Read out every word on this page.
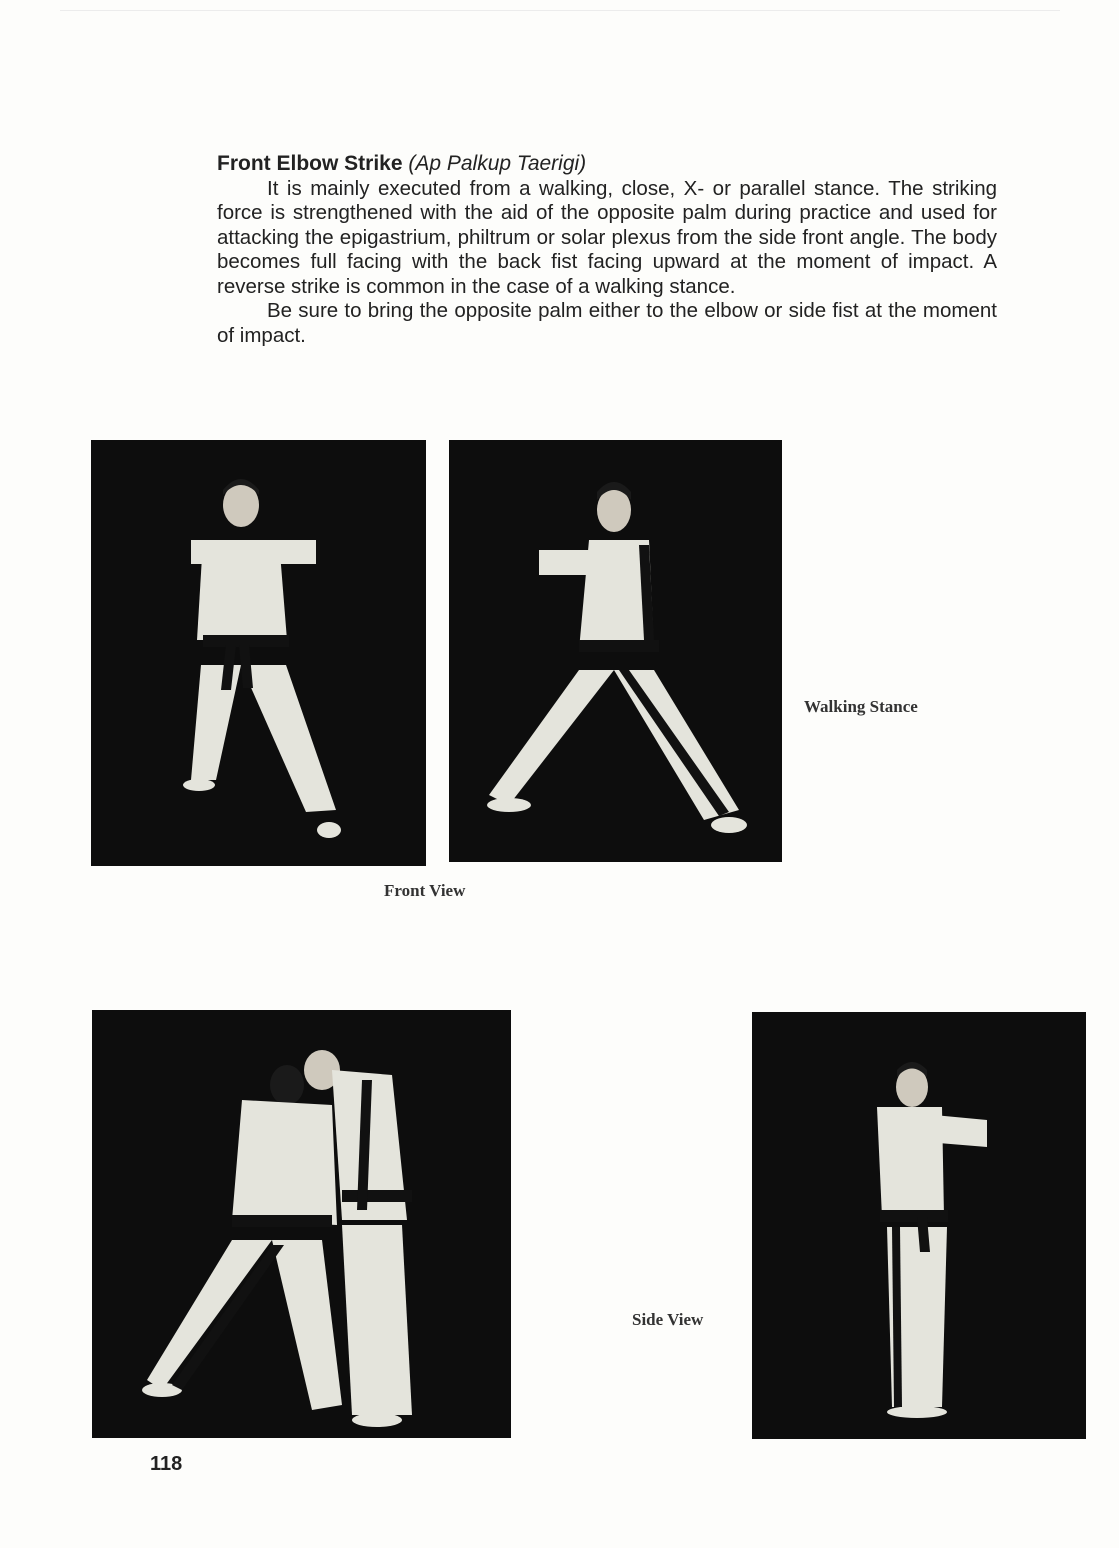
Front Elbow Strike (Ap Palkup Taerigi)

It is mainly executed from a walking, close, X- or parallel stance. The striking force is strengthened with the aid of the opposite palm during practice and used for attacking the epigastrium, philtrum or solar plexus from the side front angle. The body becomes full facing with the back fist facing upward at the moment of impact. A reverse strike is common in the case of a walking stance.

Be sure to bring the opposite palm either to the elbow or side fist at the moment of impact.

Walking Stance
Front View
Side View
118
